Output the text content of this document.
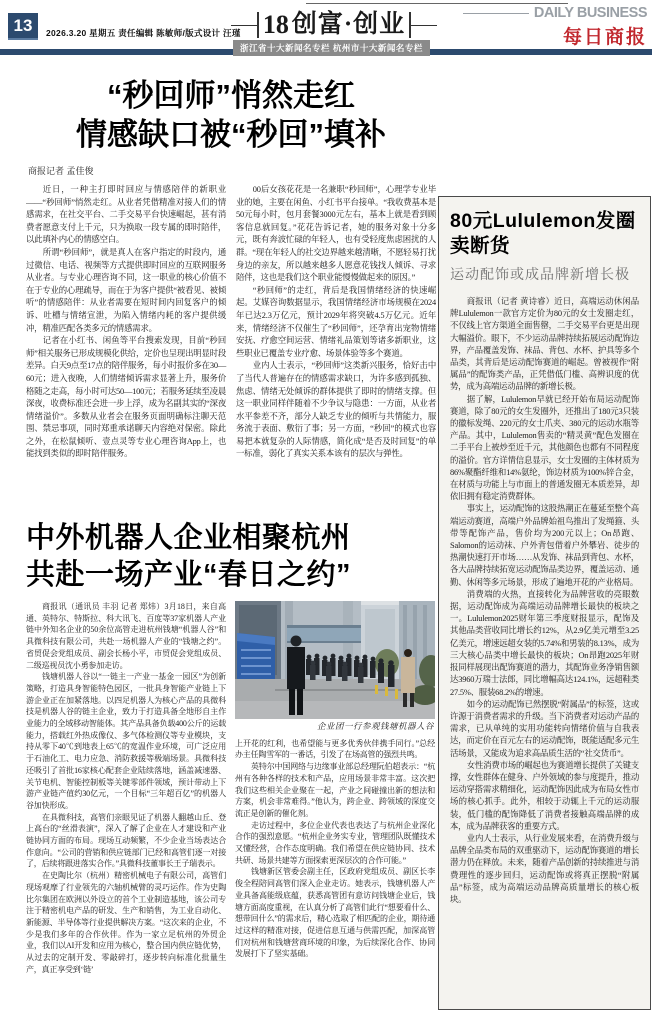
13	2026.3.20 星期五 责任编辑 陈敏师/版式设计 汪瑾 18 创富·创业
浙江省十大新闻名专栏 杭州市十大新闻名专栏
DAILY BUSINESS
每日商报
“秒回师”悄然走红
情感缺口被“秒回”填补
商报记者 孟佳俊

近日，一种主打即时回应与情感陪伴的新职业——“秒回师”悄然走红。从业者凭借精准对接人们的情感需求，在社交平台、二手交易平台快速崛起，甚有消费者愿意支付上千元，只为换取一段专属的即时陪伴，以此填补内心的情感空白。

所谓“秒回师”，就是真人在客户指定的时段内，通过微信、电话、视频等方式提供即时回应的互联网服务从业者。与专业心理咨询不同，这一职业的核心价值不在于专业的心理疏导，而在于为客户提供“被看见、被倾听”的情感陪伴：从业者需要在短时间内回复客户的倾诉、吐槽与情绪宣泄，为陷入情绪内耗的客户提供缓冲，精准匹配各类多元的情感需求。

记者在小红书、闲鱼等平台搜索发现，目前“秒回师”相关服务已形成规模化供给，定价也呈现出明显时段差异。白天9点至17点的陪伴服务，每小时报价多在30—60元；进入夜晚，人们情绪倾诉需求显著上升，服务价格随之走高，每小时可达50—100元；若服务延续至凌晨深夜，收费标准还会进一步上浮，成为名副其实的“深夜情绪溢价”。多数从业者会在服务页面明确标注聊天范围、禁忌事项，同时郑重承诺聊天内容绝对保密。除此之外，在松鼠倾听、壹点灵等专业心理咨询App上，也能找到类似的即时陪伴服务。

00后女孩花花是一名兼职“秒回师”，心理学专业毕业的她，主要在闲鱼、小红书平台接单。“我收费基本是50元每小时，包月套餐3000元左右，基本上就是看到顾客信息就回复。”花花告诉记者，她的服务对象十分多元，既有奔波忙碌的年轻人，也有受轻度焦虑困扰的人群。“现在年轻人的社交边界越来越清晰，不愿轻易打扰身边的亲友，所以越来越多人愿意花钱找人倾诉、寻求陪伴，这也是我们这个职业能慢慢做起来的原因。”

“秒回师”的走红，背后是我国情绪经济的快速崛起。艾媒咨询数据显示，我国情绪经济市场规模在2024年已达2.3万亿元，预计2029年将突破4.5万亿元。近年来，情绪经济不仅催生了“秒回师”，还孕育出宠物情绪安抚、疗愈空间运营、情绪礼品策划等诸多新职业，这些职业已覆盖专业疗愈、场景体验等多个赛道。

业内人士表示，“秒回师”这类新兴服务，恰好击中了当代人普遍存在的情感需求缺口，为许多感到孤独、焦虑、情绪无处倾诉的群体提供了即时的情绪支撑。但这一职业同样伴随着不少争议与隐患：一方面，从业者水平参差不齐，部分人缺乏专业的倾听与共情能力，服务流于表面、敷衍了事；另一方面，“秒回”的模式也容易把本就复杂的人际情感，简化成“是否及时回复”的单一标准，弱化了真实关系本该有的层次与弹性。

中外机器人企业相聚杭州
共赴一场产业“春日之约”

商报讯（通讯员 丰羽 记者 郑炜）3月18日，来自高通、英特尔、特斯拉、科大讯飞、百度等37家机器人产业链中外知名企业的50余位高管走进杭州钱塘“机器人谷”和具微科技有限公司，共赴一场机器人产业的“钱塘之约”。省贸促会党组成员、副会长杨小平，市贸促会党组成员、二级巡视员沈小勇参加走访。

钱塘机器人谷以“一链主一产业一基金一园区”为创新策略，打造具身智能特色园区，一批具身智能产业链上下游企业正在加紧落地。以四足机器人为核心产品的具微科技是机器人谷的链主企业，致力于打造具备全地形自主作业能力的全域移动智能体。其产品具备负载400公斤的运载能力，搭载红外热成像仪、多气体检测仪等专业模块，支持从零下40℃到地表上65℃的宽温作业环境，可广泛应用于石油化工、电力应急、消防救援等极端场景。具微科技还吸引了首批16家核心配套企业陆续落地，涵盖减速器、关节电机、智能控制板等关键零部件领域，预计带动上下游产业链产值约30亿元，一个目标“三年超百亿”的机器人谷加快形成。

在具微科技，高管们亲眼见证了机器人翻越山丘、登上高台的“丝滑表演”，深入了解了企业在人才建设和产业链协同方面的布局。现场互动频繁，不少企业当场表达合作意向。“公司的营销和供应链部门已经和高管们逐一对接了，后续将跟进落实合作。”具微科技董事长王子瑞表示。

在史陶比尔（杭州）精密机械电子有限公司，高管们现场观摩了行业领先的六轴机械臂的灵巧运作。作为史陶比尔集团在欧洲以外设立的首个工业制造基地，该公司专注于精密机电产品的研发、生产和销售，为工业自动化、新能源、半导体等行业提供解决方案。“这次来的企业，不少是我们多年的合作伙伴。作为一家立足杭州的外贸企业，我们以AI开发和应用为核心，整合国内供应链优势，从过去的定制开发、零敲碎打，逐步转向标准化批量生产，真正享受到‘链’

企业团一行参观钱塘机器人谷

上开花的红利，也希望能与更多优秀伙伴携手同行。”总经办主任陶雪军的一番话，引发了在场高管的强烈共鸣。

英特尔中国网络与边缘事业部总经理阮伯超表示：“杭州有各种各样的技术和产品，应用场景非常丰富。这次把我们这些相关企业聚在一起，产业之间碰撞出新的想法和方案，机会非常难得。”他认为，跨企业、跨领域的深度交流正是创新的催化剂。

走访过程中，多位企业代表也表达了与杭州企业深化合作的强烈意愿。“杭州企业务实专业，管理团队既懂技术又懂经营，合作态度明确。我们希望在供应链协同、技术共研、场景共建等方面探索更深层次的合作可能。”

钱塘新区管委会副主任，区政府党组成员、副区长李俊全程陪同高管们深入企业走访。她表示，钱塘机器人产业具备高能级底蕴，获悉高管团有意访问钱塘企业后，钱塘方面高度重视，在认真分析了高管们此行“想要看什么、想带回什么”的需求后，精心选取了相匹配的企业，期待通过这样的精准对接，促进信息互通与供需匹配，加深高管们对杭州和钱塘营商环境的印象，为后续深化合作、协同发展打下了坚实基础。

80元Lululemon发圈
卖断货
运动配饰或成品牌新增长极

商报讯（记者 黄诗睿）近日，高端运动休闲品牌Lululemon一款官方定价为80元的女士发圈走红，不仅线上官方渠道全面售罄，二手交易平台更是出现大幅溢价。眼下，不少运动品牌持续拓展运动配饰边界，产品覆盖发饰、袜品、背包、水杯、护具等多个品类，其背后是运动配饰赛道的崛起。曾被视作“附属品”的配饰类产品，正凭借低门槛、高辨识度的优势，成为高端运动品牌的新增长极。

据了解，Lululemon早就已经开始布局运动配饰赛道，除了80元的女生发圈外，还推出了180元3只装的徽标发绳、220元的女士爪夹、380元的运动水瓶等产品。其中，Lululemon售卖的“精灵黄”配色发圈在二手平台上被炒至近千元，其他颜色也都有不同程度的溢价。官方详情信息显示，女士发圈的主体材质为86%聚酯纤维和14%氨纶，饰边材质为100%锌合金，在材质与功能上与市面上的普通发圈无本质差异，却依旧拥有稳定消费群体。

事实上，运动配饰的这股热潮正在蔓延至整个高端运动赛道，高端户外品牌始祖鸟推出了发绳箍、头带等配饰产品，售价均为200元以上；On昂跑、Salomon的运动袜、户外背包借着户外攀岩、徒步的热潮快速打开市场……从发饰、袜品到背包、水杯，各大品牌持续拓宽运动配饰品类边界，覆盖运动、通勤、休闲等多元场景，形成了遍地开花的产业格局。

消费端的火热，直接转化为品牌营收的亮眼数据，运动配饰成为高端运动品牌增长最快的板块之一。Lululemon2025财年第三季度财报显示，配饰及其他品类营收同比增长约12%，从2.9亿美元增至3.25亿美元，增速远超女装的5.74%和男装的8.13%，成为三大核心品类中增长最快的板块；On昂跑2025年财报同样展现出配饰赛道的潜力，其配饰业务净销售额达3960万瑞士法郎，同比增幅高达124.1%，远超鞋类27.5%、服装68.2%的增速。

如今的运动配饰已然摆脱“附属品”的标签，这或许源于消费者需求的升级。当下消费者对运动产品的需求，已从单纯的实用功能转向情绪价值与自我表达，而定价在百元左右的运动配饰，既能适配多元生活场景，又能成为追求高品质生活的“社交货币”。

女性消费市场的崛起也为赛道增长提供了关键支撑，女性群体在健身、户外领域的参与度提升，推动运动穿搭需求精细化，运动配饰因此成为布局女性市场的核心抓手。此外，相较于动辄上千元的运动服装，低门槛的配饰降低了消费者接触高端品牌的成本，成为品牌获客的重要方式。

业内人士表示，从行业发展来看，在消费升级与品牌全品类布局的双重驱动下，运动配饰赛道的增长潜力仍在释放。未来，随着产品创新的持续推进与消费理性的逐步回归，运动配饰或将真正摆脱“附属品”标签，成为高端运动品牌高质量增长的核心板块。
